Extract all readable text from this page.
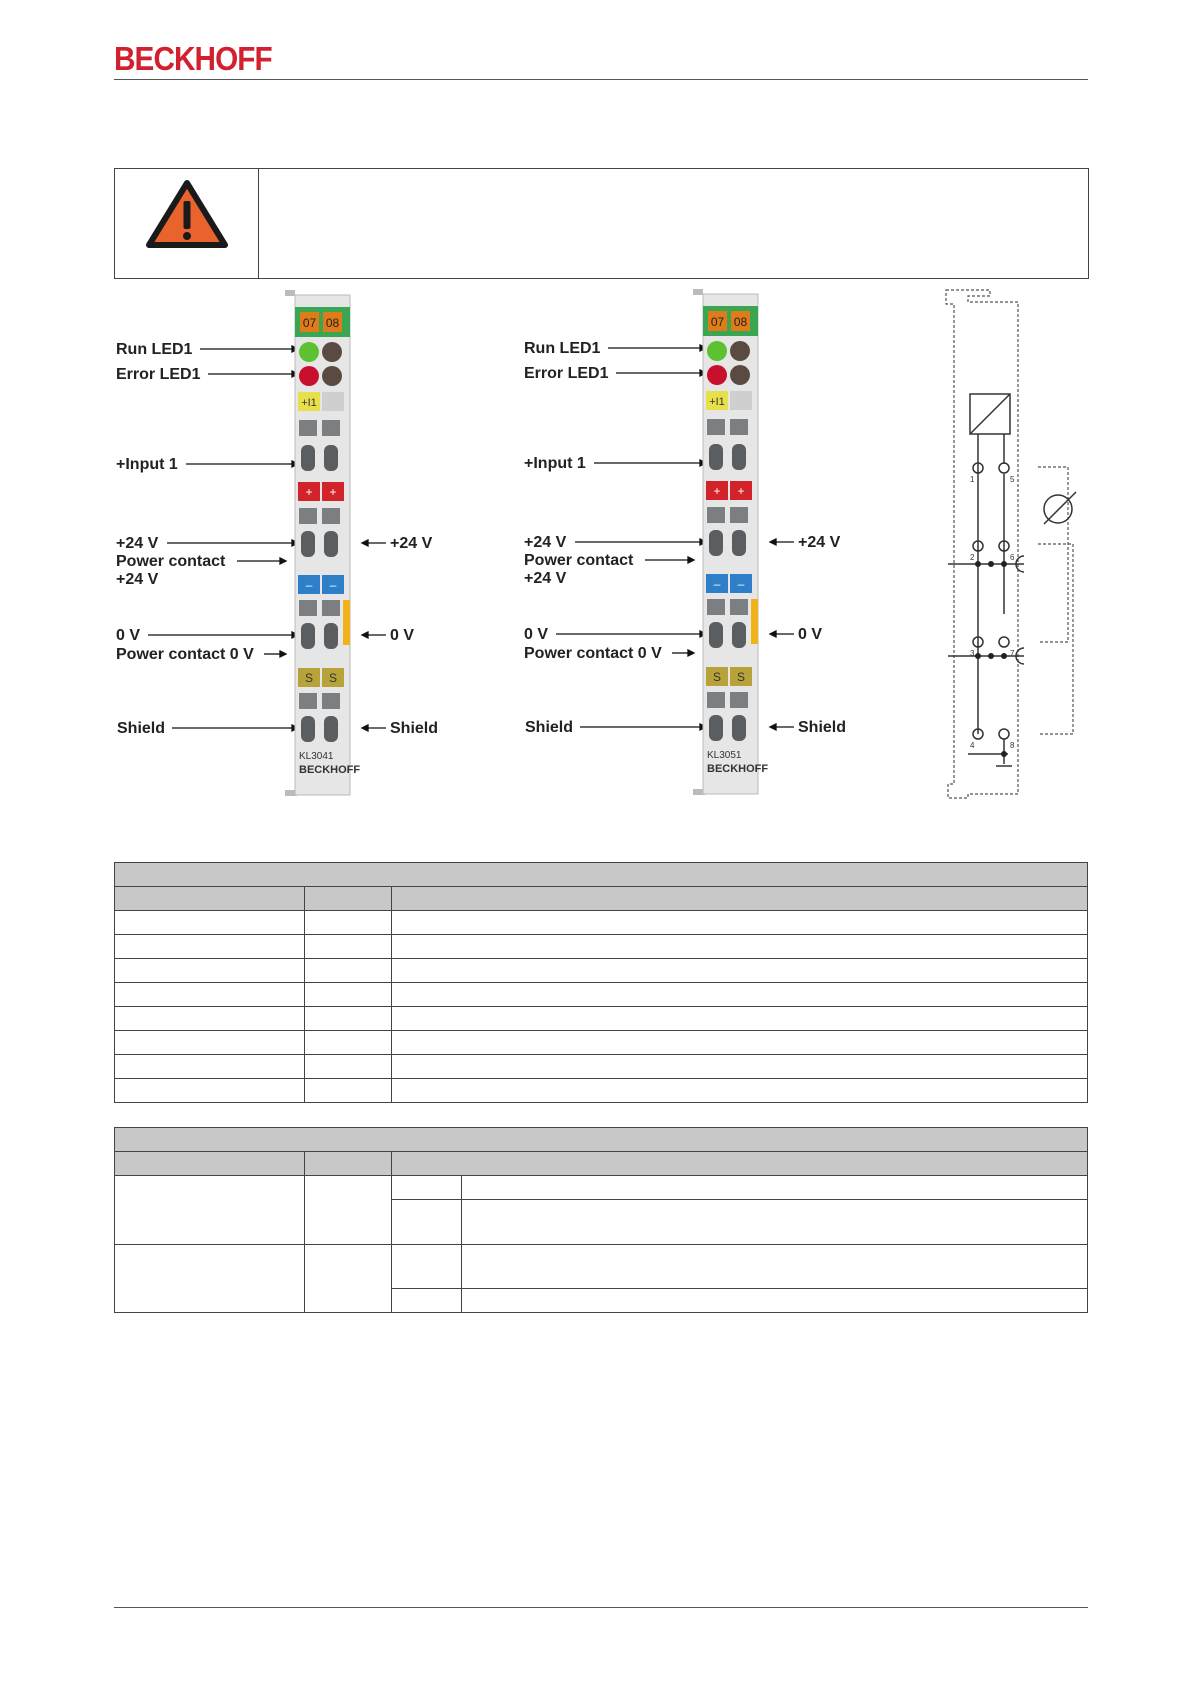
BECKHOFF
Run LED1
Error LED1
+Input 1
+24 V
Power contact
+24 V
0 V
Power contact 0 V
Shield
+24 V
0 V
Shield
07 08
+I1
+ +
– –
S S
KL3041
BECKHOFF
Run LED1
Error LED1
+Input 1
+24 V
Power contact
+24 V
0 V
Power contact 0 V
Shield
+24 V
0 V
Shield
07 08
+I1
+ +
– –
S S
KL3051
BECKHOFF
1	5
2	6
3	7
4	8
